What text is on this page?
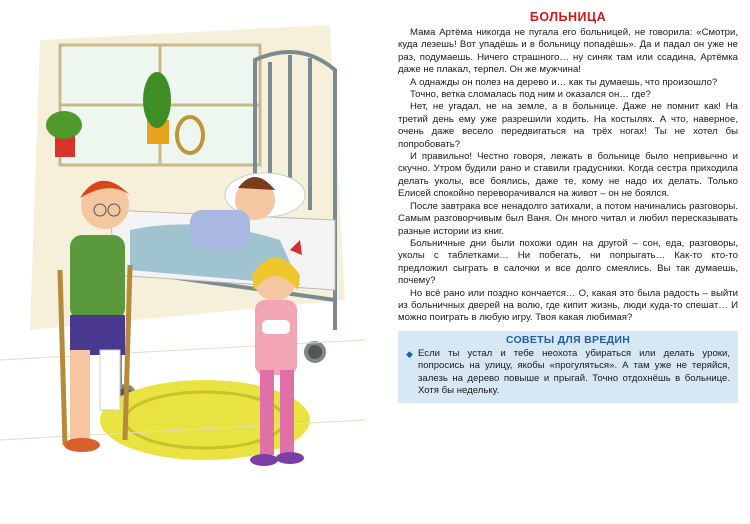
БОЛЬНИЦА

Мама Артёма никогда не пугала его больницей, не говорила: «Смотри, куда лезешь! Вот упадёшь и в больницу попадёшь». Да и падал он уже не раз, подумаешь. Ничего страшного… ну синяк там или ссадина, Артёмка даже не плакал, терпел. Он же мужчина!

А однажды он полез на дерево и… как ты думаешь, что произошло?

Точно, ветка сломалась под ним и оказался он… где?

Нет, не угадал, не на земле, а в больнице. Даже не помнит как! На третий день ему уже разрешили ходить. На костылях. А что, наверное, очень даже весело передвигаться на трёх ногах! Ты не хотел бы попробовать?

И правильно! Честно говоря, лежать в больнице было непривычно и скучно. Утром будили рано и ставили градусники. Когда сестра приходила делать уколы, все боялись, даже те, кому не надо их делать. Только Елисей спокойно переворачивался на живот – он не боялся.

После завтрака все ненадолго затихали, а потом начинались разговоры. Самым разговорчивым был Ваня. Он много читал и любил пересказывать разные истории из книг.

Больничные дни были похожи один на другой – сон, еда, разговоры, уколы с таблетками… Ни побегать, ни попрыгать… Как-то кто-то предложил сыграть в салочки и все долго смеялись. Вы так думаешь, почему?

Но всё рано или поздно кончается… О, какая это была радость – выйти из больничных дверей на волю, где кипит жизнь, люди куда-то спешат… И можно поиграть в любую игру. Твоя какая любимая?

СОВЕТЫ ДЛЯ ВРЕДИН
◆ Если ты устал и тебе неохота убираться или делать уроки, попросись на улицу, якобы «прогуляться». А там уже не теряйся, залезь на дерево повыше и прыгай. Точно отдохнёшь в больнице. Хотя бы недельку.
